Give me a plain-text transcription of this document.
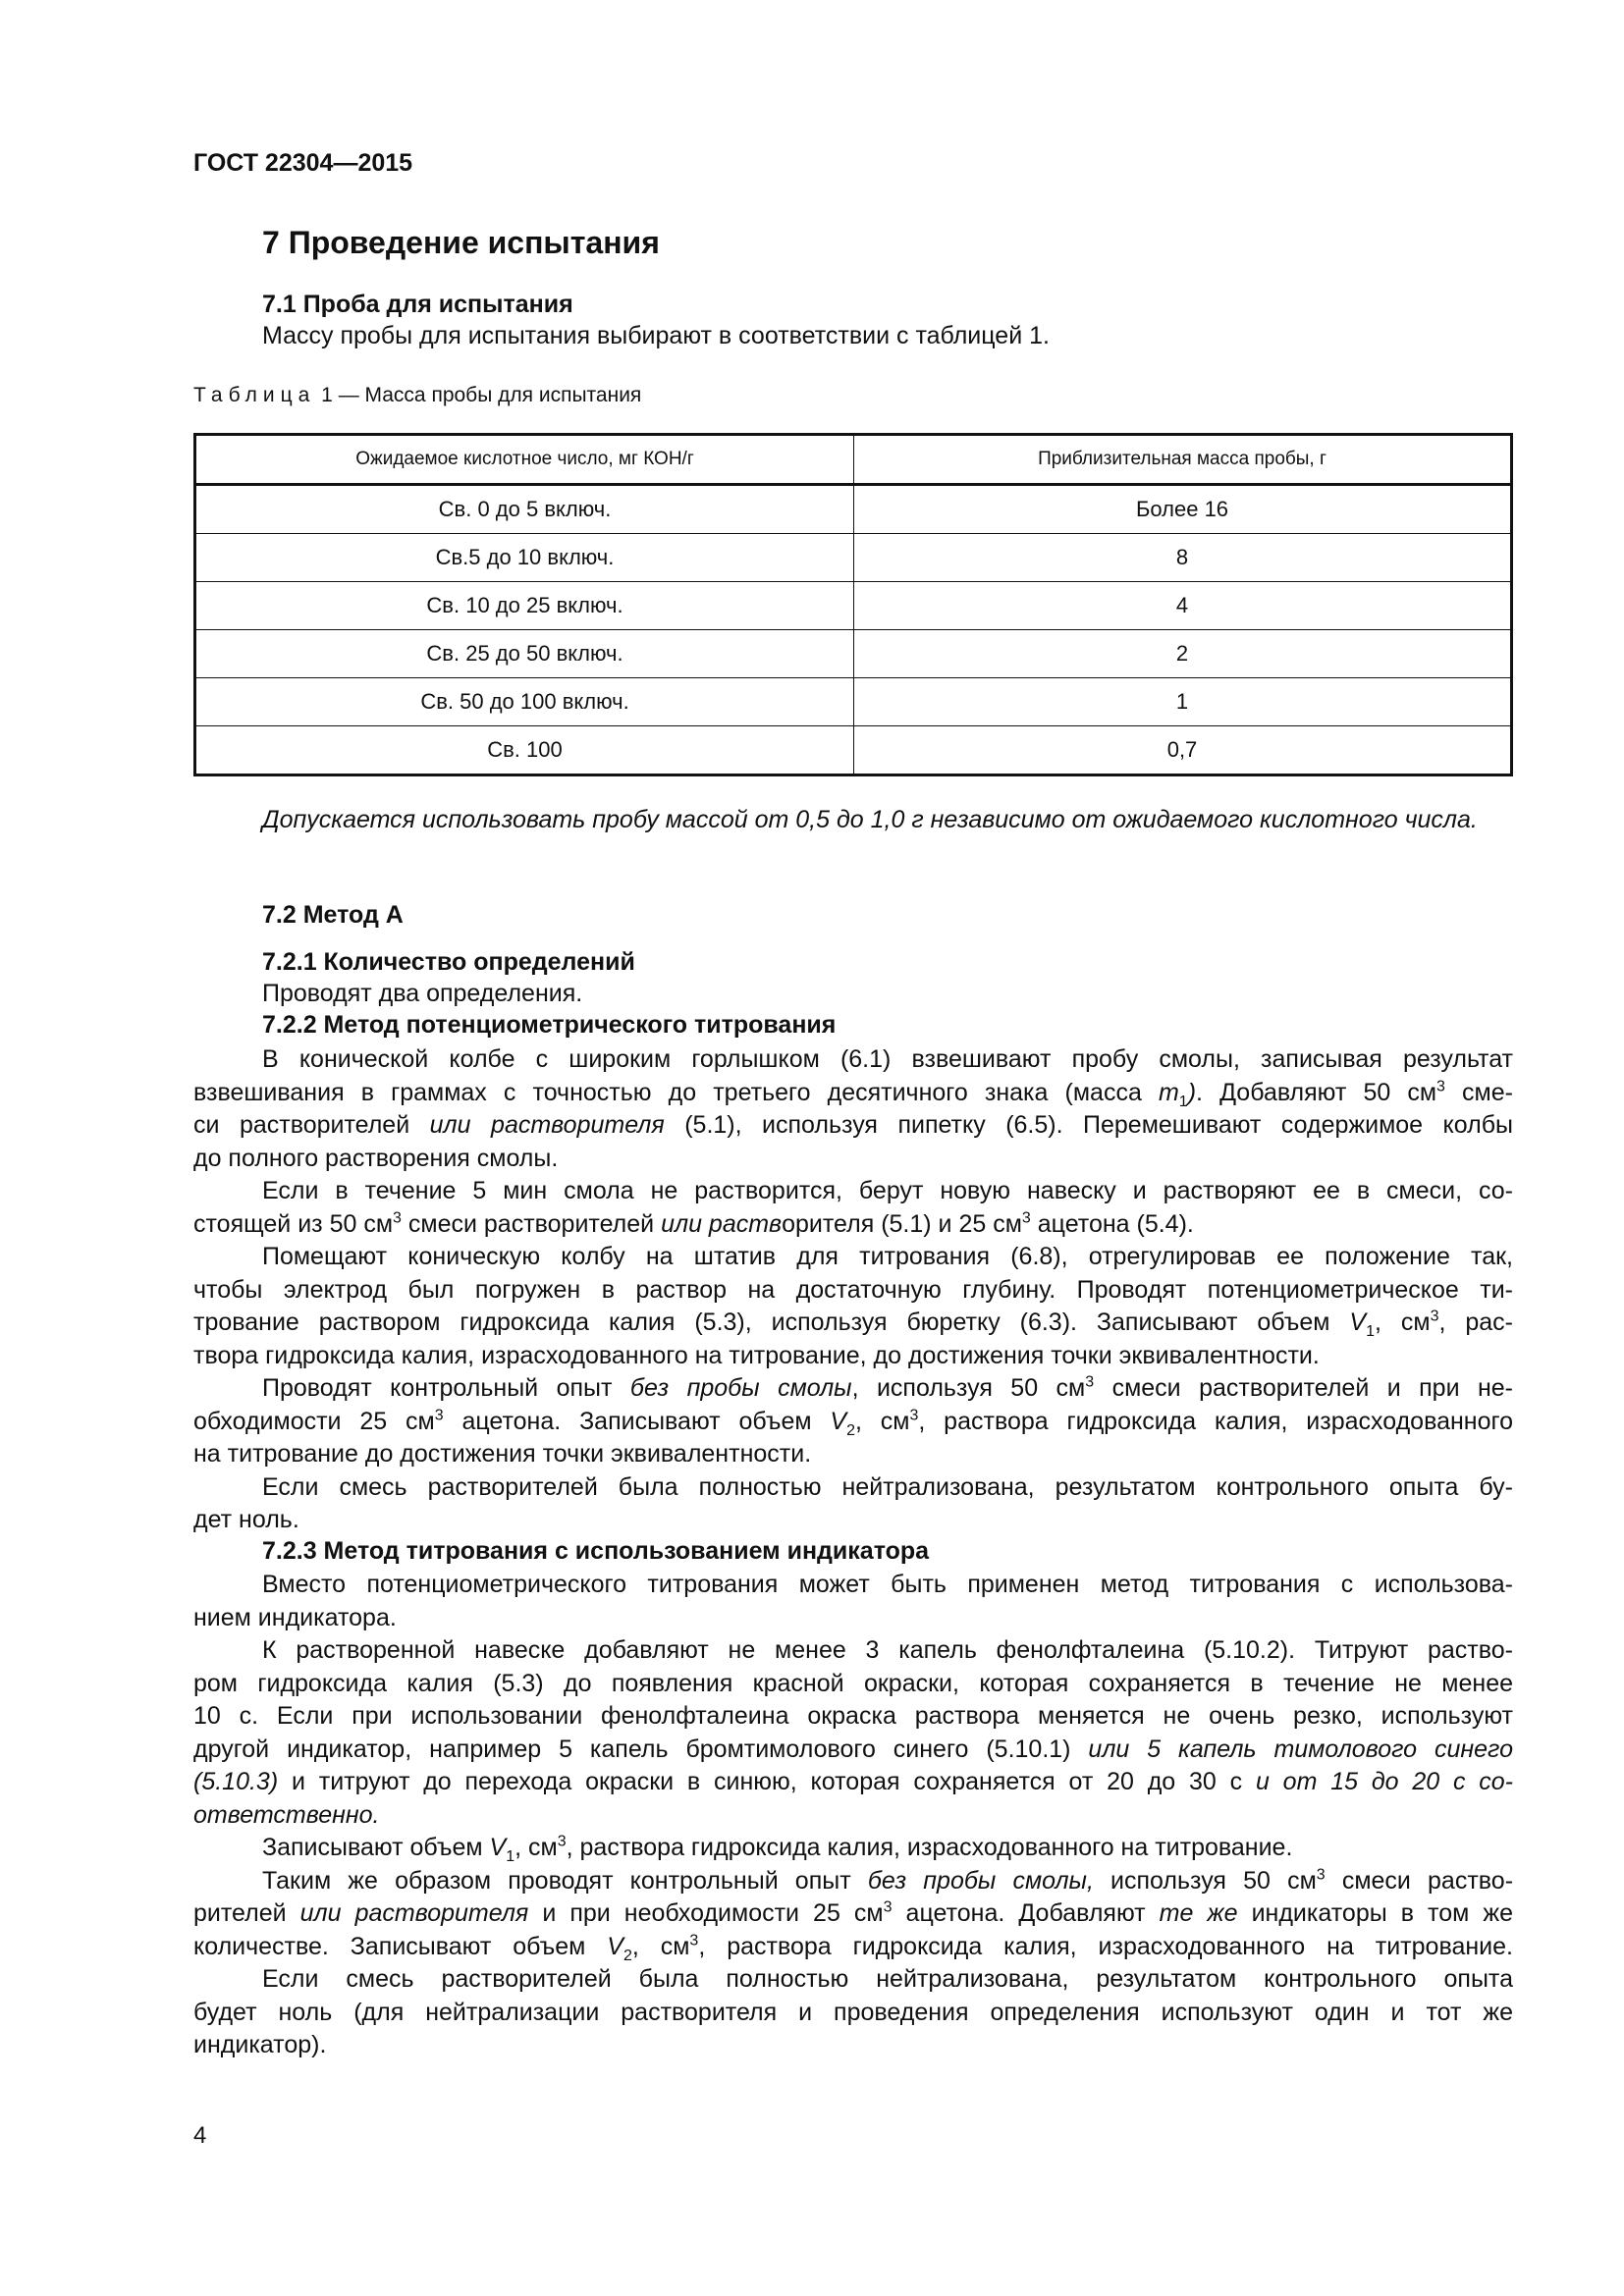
ГОСТ 22304—2015
7 Проведение испытания
7.1 Проба для испытания
Массу пробы для испытания выбирают в соответствии с таблицей 1.
Таблица 1 — Масса пробы для испытания
Ожидаемое кислотное число, мг КОН/г	Приблизительная масса пробы, г
Св. 0 до 5 включ.	Более 16
Св.5 до 10 включ.	8
Св. 10 до 25 включ.	4
Св. 25 до 50 включ.	2
Св. 50 до 100 включ.	1
Св. 100	0,7
Допускается использовать пробу массой от 0,5 до 1,0 г независимо от ожидаемого кислотного числа.
7.2 Метод А
7.2.1 Количество определений
Проводят два определения.
7.2.2 Метод потенциометрического титрования
В конической колбе с широким горлышком (6.1) взвешивают пробу смолы, записывая результат
взвешивания в граммах с точностью до третьего десятичного знака (масса $m_1$). Добавляют 50 $см^3$ сме-
си растворителей или растворителя (5.1), используя пипетку (6.5). Перемешивают содержимое колбы
до полного растворения смолы.
Если в течение 5 мин смола не растворится, берут новую навеску и растворяют ее в смеси, со-
стоящей из 50 $см^3$ смеси растворителей или растворителя (5.1) и 25 $см^3$ ацетона (5.4).
Помещают коническую колбу на штатив для титрования (6.8), отрегулировав ее положение так,
чтобы электрод был погружен в раствор на достаточную глубину. Проводят потенциометрическое ти-
трование раствором гидроксида калия (5.3), используя бюретку (6.3). Записывают объем $V_1$, $см^3$, рас-
твора гидроксида калия, израсходованного на титрование, до достижения точки эквивалентности.
Проводят контрольный опыт без пробы смолы, используя 50 $см^3$ смеси растворителей и при не-
обходимости 25 $см^3$ ацетона. Записывают объем $V_2$, $см^3$, раствора гидроксида калия, израсходованного
на титрование до достижения точки эквивалентности.
Если смесь растворителей была полностью нейтрализована, результатом контрольного опыта бу-
дет ноль.
7.2.3 Метод титрования с использованием индикатора
Вместо потенциометрического титрования может быть применен метод титрования с использова-
нием индикатора.
К растворенной навеске добавляют не менее 3 капель фенолфталеина (5.10.2). Титруют раство-
ром гидроксида калия (5.3) до появления красной окраски, которая сохраняется в течение не менее
10 с. Если при использовании фенолфталеина окраска раствора меняется не очень резко, используют
другой индикатор, например 5 капель бромтимолового синего (5.10.1) или 5 капель тимолового синего
(5.10.3) и титруют до перехода окраски в синюю, которая сохраняется от 20 до 30 с и от 15 до 20 с со-
ответственно.
Записывают объем $V_1$, $см^3$, раствора гидроксида калия, израсходованного на титрование.
Таким же образом проводят контрольный опыт без пробы смолы, используя 50 $см^3$ смеси раство-
рителей или растворителя и при необходимости 25 $см^3$ ацетона. Добавляют те же индикаторы в том же
количестве. Записывают объем $V_2$, $см^3$, раствора гидроксида калия, израсходованного на титрование.
Если смесь растворителей была полностью нейтрализована, результатом контрольного опыта
будет ноль (для нейтрализации растворителя и проведения определения используют один и тот же
индикатор).
4
